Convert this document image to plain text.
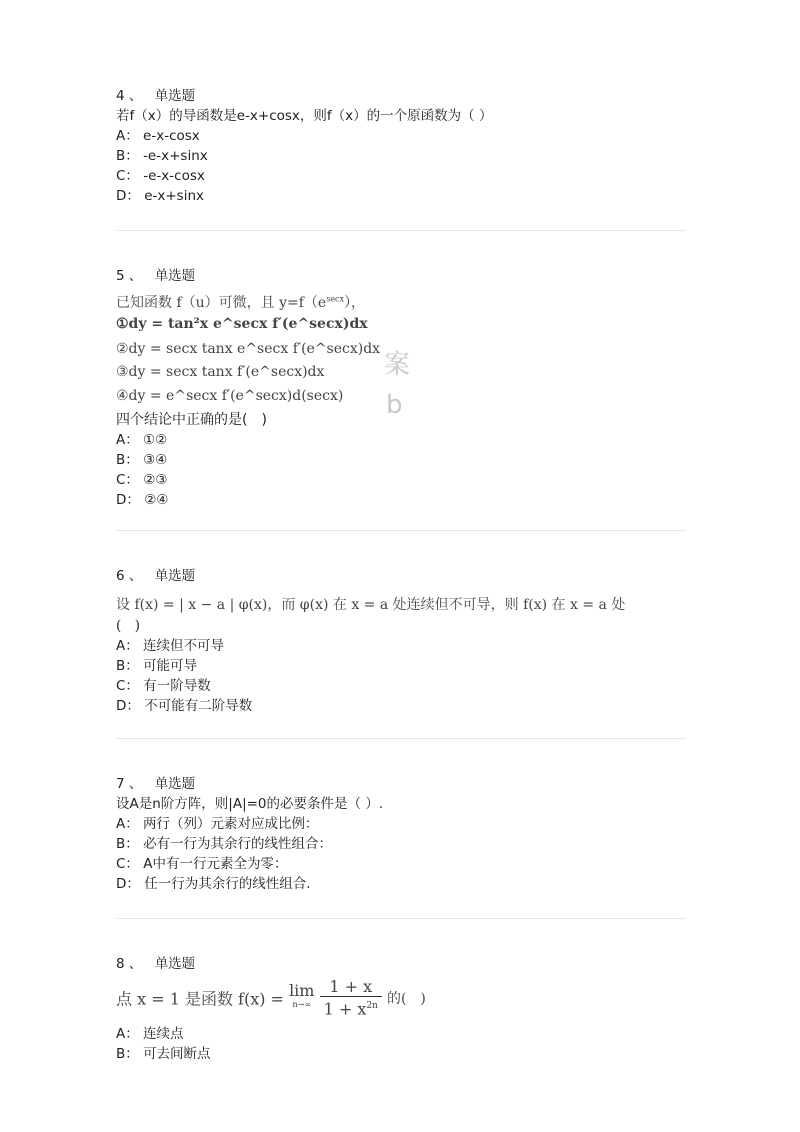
4 、 单选题
若f（x）的导函数是e-x+cosx，则f（x）的一个原函数为（ ）
A： e-x-cosx
B： -e-x+sinx
C： -e-x-cosx
D： e-x+sinx
5 、 单选题
已知函数 f（u）可微，且 $y=f(e^{secx})$，
①dy = tan²x e^secx f′(e^secx)dx
②dy = secx tanx e^secx f′(e^secx)dx
③dy = secx tanx f′(e^secx)dx
④dy = e^secx f′(e^secx)d(secx)
案
b
四个结论中正确的是(　)
A： ①②
B： ③④
C： ②③
D： ②④
6 、 单选题
设 f(x) = | x − a | φ(x)，而 φ(x) 在 x = a 处连续但不可导，则 f(x) 在 x = a 处
(　)
A： 连续但不可导
B： 可能可导
C： 有一阶导数
D： 不可能有二阶导数
7 、 单选题
设A是n阶方阵，则|A|=0的必要条件是（ ）.
A： 两行（列）元素对应成比例：
B： 必有一行为其余行的线性组合：
C： A中有一行元素全为零：
D： 任一行为其余行的线性组合.
8 、 单选题
点 x = 1 是函数 f(x) = lim
n→∞
$\frac{1 + x}{1 + x^{2n}}$ 的(　)
A： 连续点
B： 可去间断点
